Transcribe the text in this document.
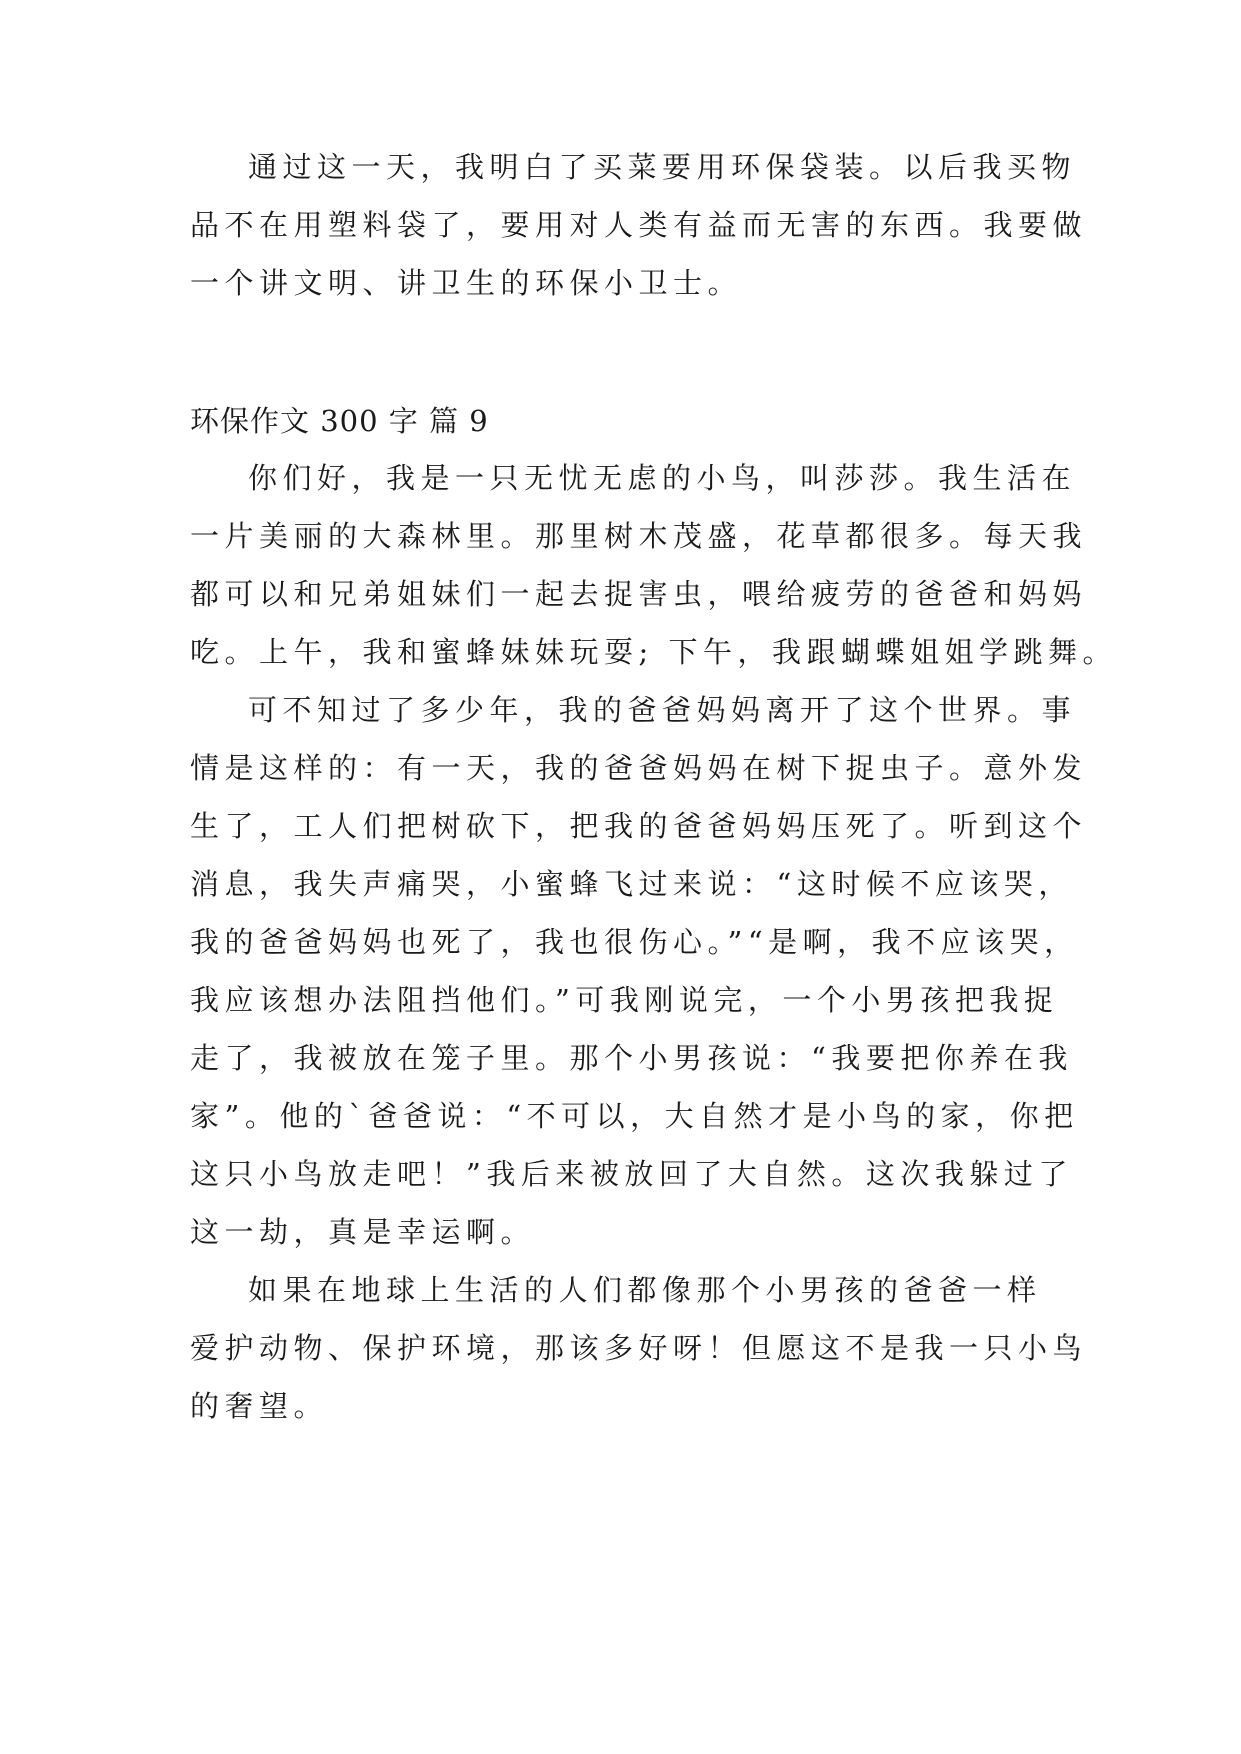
通过这一天，我明白了买菜要用环保袋装。以后我买物
品不在用塑料袋了，要用对人类有益而无害的东西。我要做
一个讲文明、讲卫生的环保小卫士。
环保作文 300 字 篇 9
你们好，我是一只无忧无虑的小鸟，叫莎莎。我生活在
一片美丽的大森林里。那里树木茂盛，花草都很多。每天我
都可以和兄弟姐妹们一起去捉害虫，喂给疲劳的爸爸和妈妈
吃。上午，我和蜜蜂妹妹玩耍; 下午，我跟蝴蝶姐姐学跳舞。
可不知过了多少年，我的爸爸妈妈离开了这个世界。事
情是这样的：有一天，我的爸爸妈妈在树下捉虫子。意外发
生了，工人们把树砍下，把我的爸爸妈妈压死了。听到这个
消息，我失声痛哭，小蜜蜂飞过来说：“这时候不应该哭，
我的爸爸妈妈也死了，我也很伤心。”“是啊，我不应该哭，
我应该想办法阻挡他们。”可我刚说完，一个小男孩把我捉
走了，我被放在笼子里。那个小男孩说：“我要把你养在我
家”。他的`爸爸说：“不可以，大自然才是小鸟的家，你把
这只小鸟放走吧！”我后来被放回了大自然。这次我躲过了
这一劫，真是幸运啊。
如果在地球上生活的人们都像那个小男孩的爸爸一样
爱护动物、保护环境，那该多好呀！但愿这不是我一只小鸟
的奢望。
